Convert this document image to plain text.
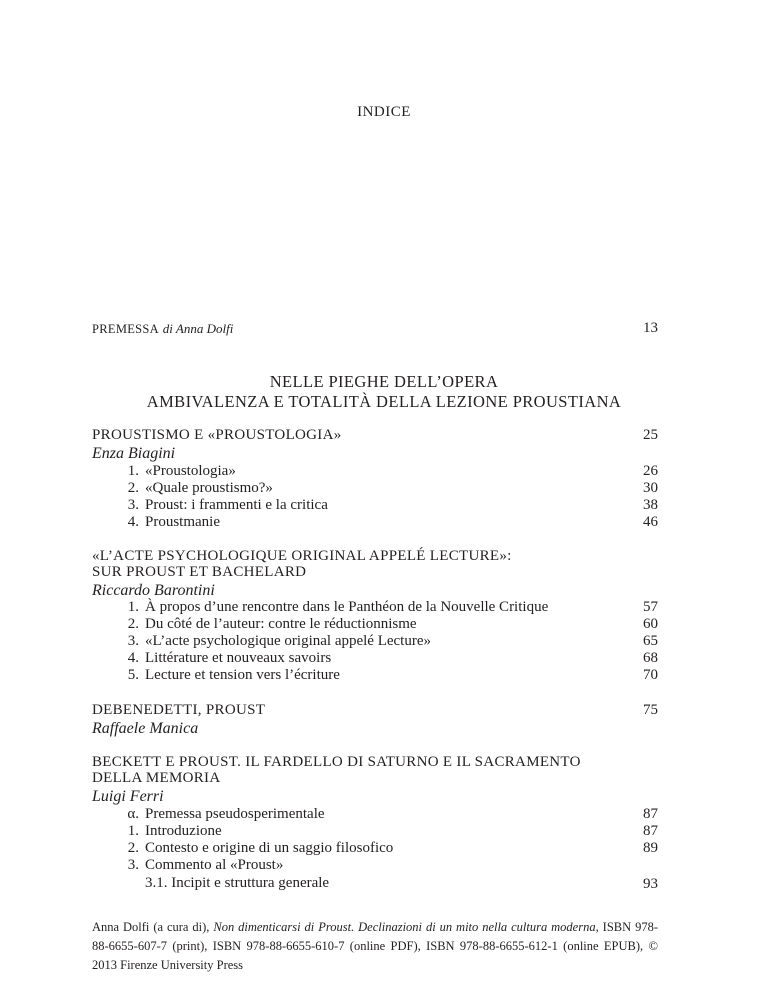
INDICE
PREMESSA di Anna Dolfi	13
NELLE PIEGHE DELL’OPERA
AMBIVALENZA E TOTALITÀ DELLA LEZIONE PROUSTIANA
PROUSTISMO E «PROUSTOLOGIA»	25
Enza Biagini
1. «Proustologia»	26
2. «Quale proustismo?»	30
3. Proust: i frammenti e la critica	38
4. Proustmanie	46
«L’ACTE PSYCHOLOGIQUE ORIGINAL APPELÉ LECTURE»:
SUR PROUST ET BACHELARD
Riccardo Barontini
1. À propos d’une rencontre dans le Panthéon de la Nouvelle Critique	57
2. Du côté de l’auteur: contre le réductionnisme	60
3. «L’acte psychologique original appelé Lecture»	65
4. Littérature et nouveaux savoirs	68
5. Lecture et tension vers l’écriture	70
DEBENEDETTI, PROUST	75
Raffaele Manica
BECKETT E PROUST. IL FARDELLO DI SATURNO E IL SACRAMENTO
DELLA MEMORIA
Luigi Ferri
α. Premessa pseudosperimentale	87
1. Introduzione	87
2. Contesto e origine di un saggio filosofico	89
3. Commento al «Proust»
3.1. Incipit e struttura generale	93
Anna Dolfi (a cura di), Non dimenticarsi di Proust. Declinazioni di un mito nella cultura moderna, ISBN 978-88-6655-607-7 (print), ISBN 978-88-6655-610-7 (online PDF), ISBN 978-88-6655-612-1 (online EPUB), © 2013 Firenze University Press
